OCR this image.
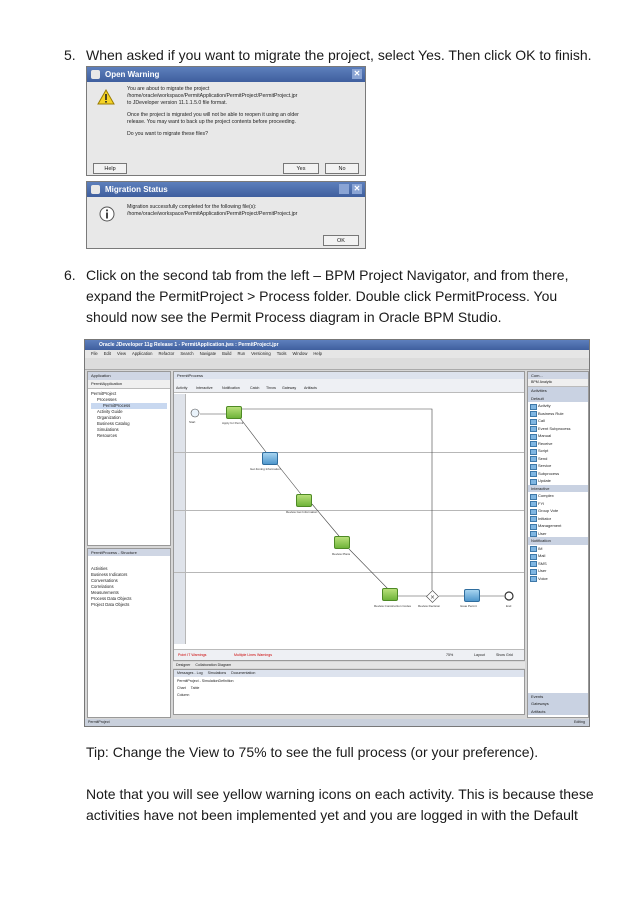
5. When asked if you want to migrate the project, select Yes. Then click OK to finish.
Open Warning	✕
You are about to migrate the project
/home/oracle/workspace/PermitApplication/PermitProject/PermitProject.jpr
to JDeveloper version 11.1.1.5.0 file format.
Once the project is migrated you will not be able to reopen it using an older
release. You may want to back up the project contents before proceeding.
Do you want to migrate these files?
Help	Yes	No
Migration Status	✕
Migration successfully completed for the following file(s):
/home/oracle/workspace/PermitApplication/PermitProject/PermitProject.jpr
OK
6. Click on the second tab from the left – BPM Project Navigator, and from there,
expand the PermitProject > Process folder. Double click PermitProcess. You
should now see the Permit Process diagram in Oracle BPM Studio.
Oracle JDeveloper 11g Release 1 - PermitApplication.jws : PermitProject.jpr
File Edit View Application Refactor Search Navigate Build Run Versioning Tools Window Help
Application
PermitApplication
PermitProject
Processes
PermitProcess
Activity Guide
Organization
Business Catalog
Simulations
Resources
PermitProcess - Structure
Activities
Business Indicators
Conversations
Correlations
Measurements
Process Data Objects
Project Data Objects
PermitProcess
Activity Interactive	Notification	Catch Throw Gateway Artifacts
Start	Apply for Permit
Get Zoning Information
Review Get Information
Review Plans
Review Construction Codes
×
Review Decision	Issue Permit	End
Point IT Warnings	Multiple Lines Warnings	75%	Layout	Show Grid
Designer Collaboration Diagram
Messages - Log Simulations Documentation
PermitProject - SimulationDefinition
Chart Table
Column
Com...
BPM Analytic
Activities
Default
Activity
Business Rule
Call
Event Subprocess
Manual
Receive
Script
Send
Service
Subprocess
Update
Interactive
Complex
FYI
Group Vote
Initiator
Management
User
Notification
IM
Mail
SMS
User
Voice
Events
Gateways
Artifacts
PermitProject	Editing
Tip: Change the View to 75% to see the full process (or your preference).
Note that you will see yellow warning icons on each activity. This is because these
activities have not been implemented yet and you are logged in with the Default
